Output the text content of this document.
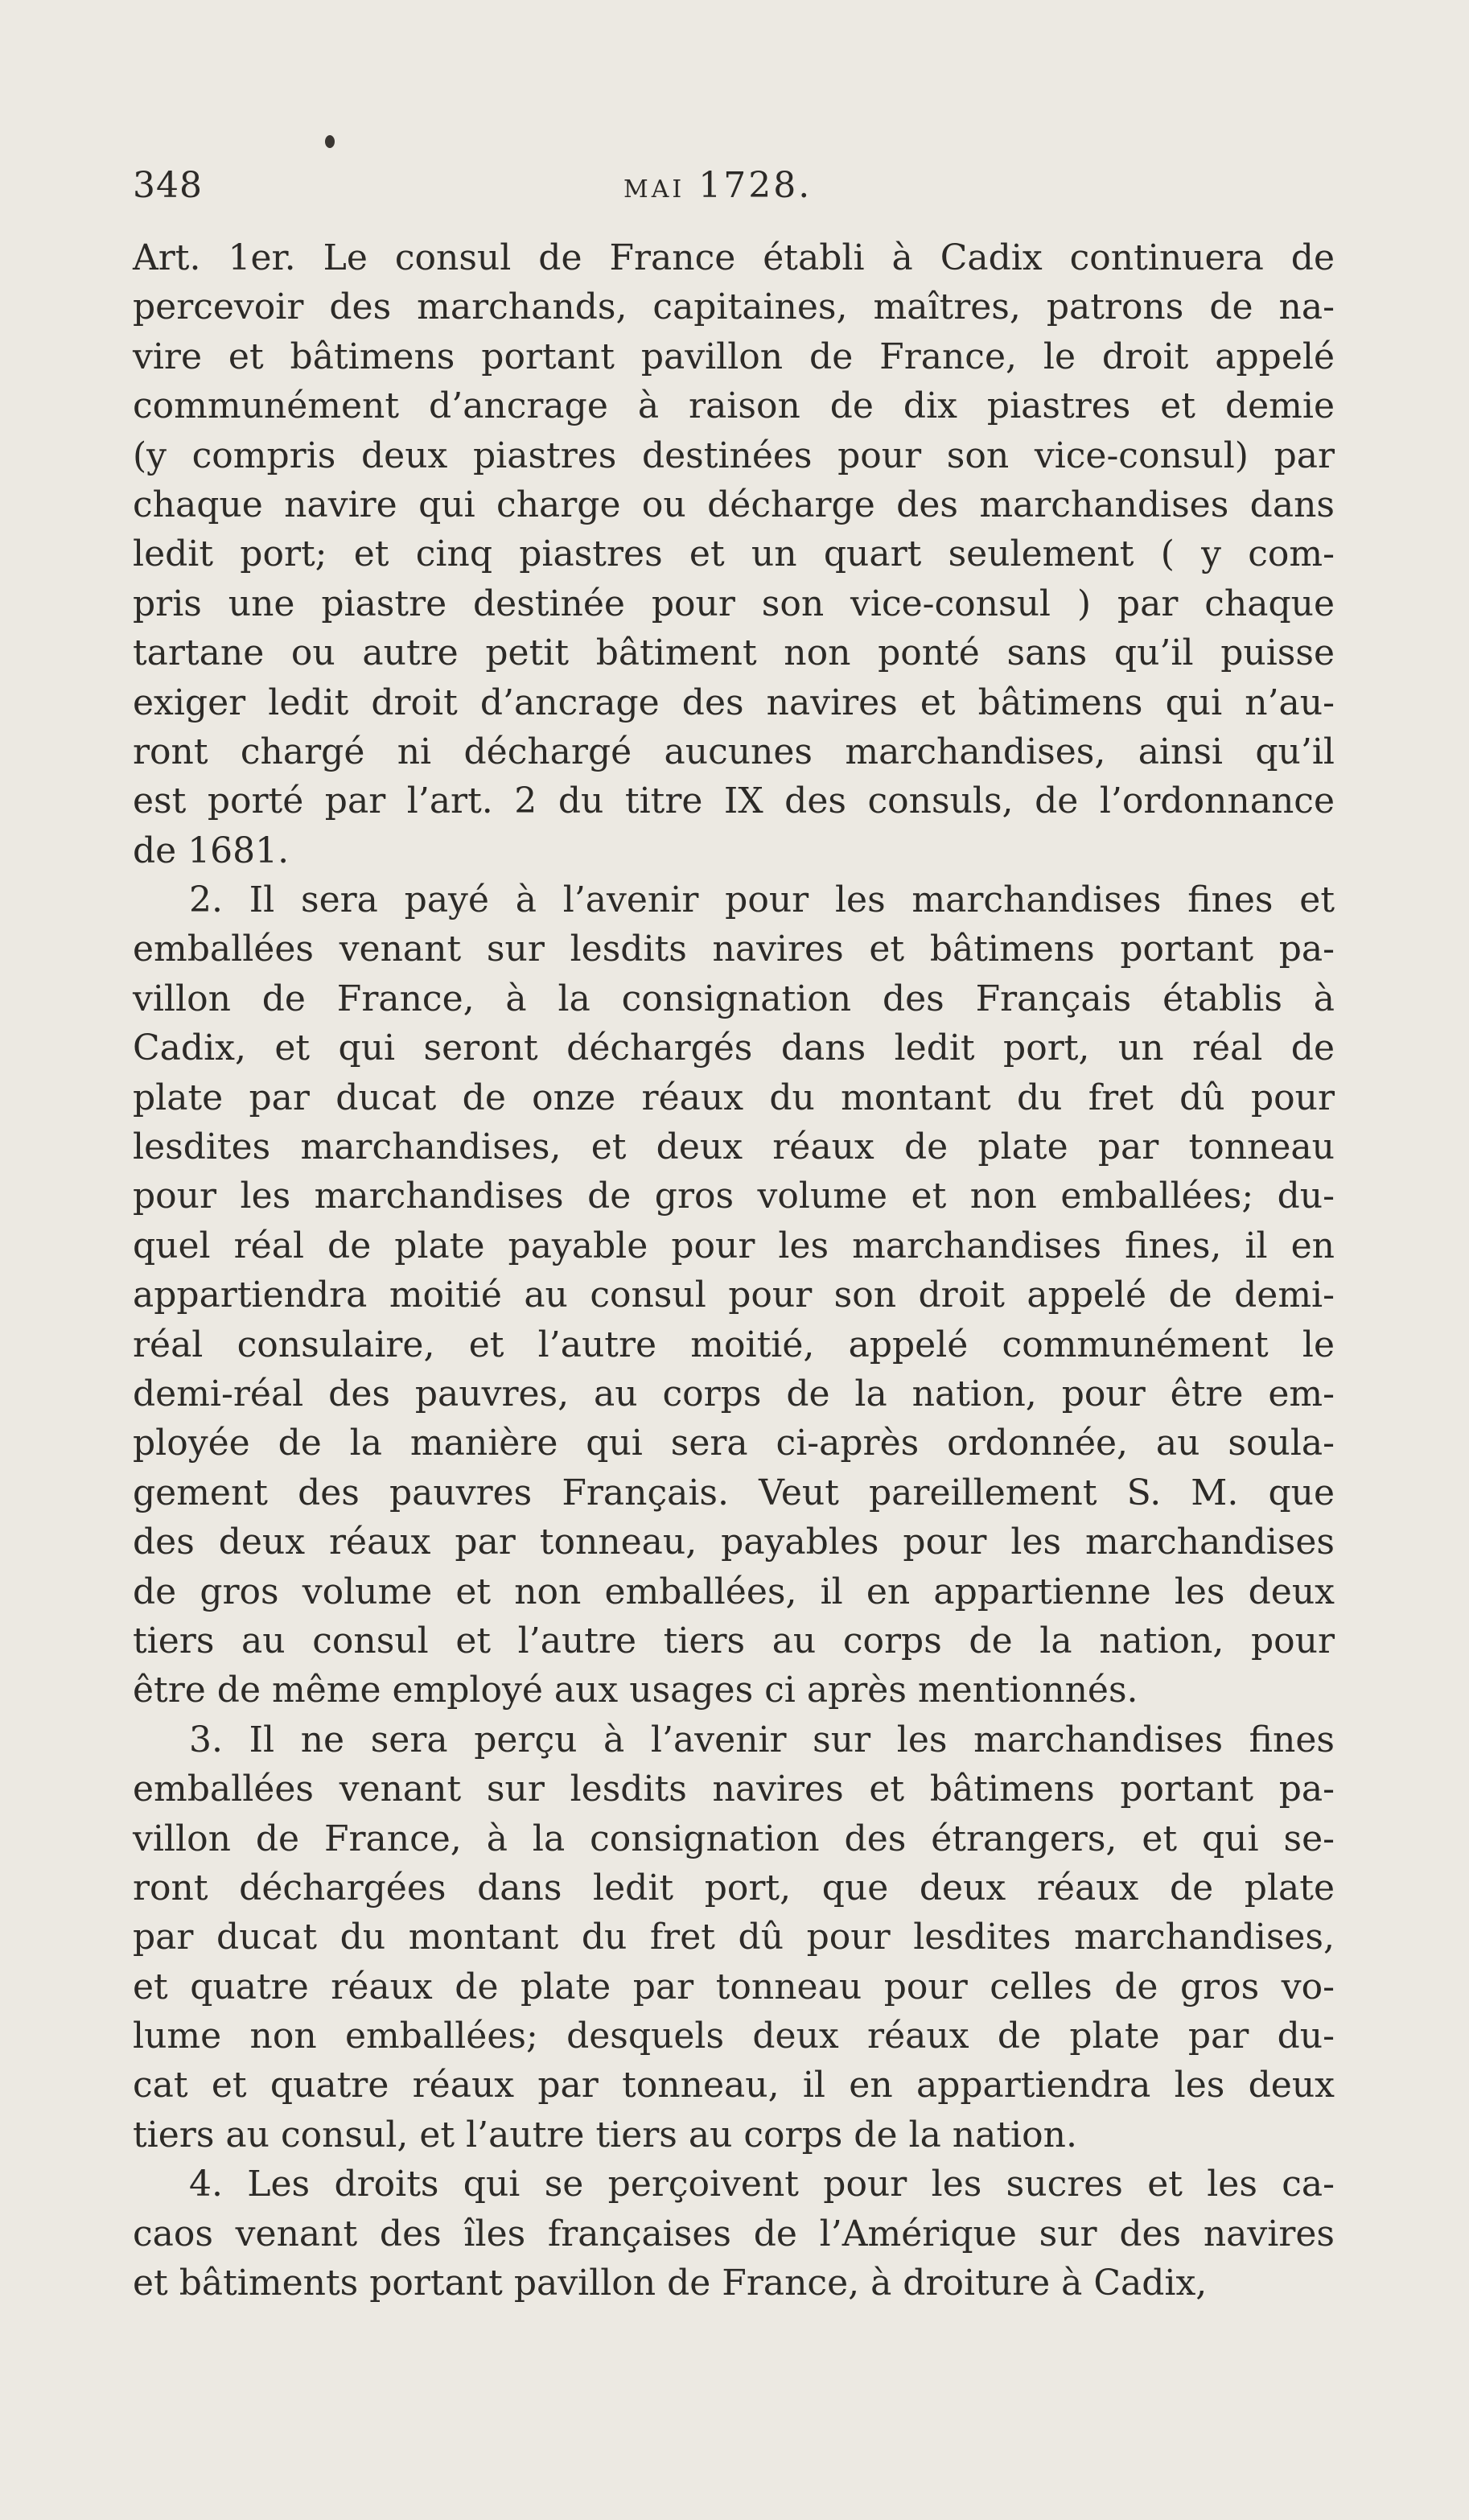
348	MAI 1728.
Art. 1er. Le consul de France établi à Cadix continuera de
percevoir des marchands, capitaines, maîtres, patrons de na-
vire et bâtimens portant pavillon de France, le droit appelé
communément d’ancrage à raison de dix piastres et demie
(y compris deux piastres destinées pour son vice-consul) par
chaque navire qui charge ou décharge des marchandises dans
ledit port; et cinq piastres et un quart seulement ( y com-
pris une piastre destinée pour son vice-consul ) par chaque
tartane ou autre petit bâtiment non ponté sans qu’il puisse
exiger ledit droit d’ancrage des navires et bâtimens qui n’au-
ront chargé ni déchargé aucunes marchandises, ainsi qu’il
est porté par l’art. 2 du titre IX des consuls, de l’ordonnance
de 1681.
2. Il sera payé à l’avenir pour les marchandises fines et
emballées venant sur lesdits navires et bâtimens portant pa-
villon de France, à la consignation des Français établis à
Cadix, et qui seront déchargés dans ledit port, un réal de
plate par ducat de onze réaux du montant du fret dû pour
lesdites marchandises, et deux réaux de plate par tonneau
pour les marchandises de gros volume et non emballées; du-
quel réal de plate payable pour les marchandises fines, il en
appartiendra moitié au consul pour son droit appelé de demi-
réal consulaire, et l’autre moitié, appelé communément le
demi-réal des pauvres, au corps de la nation, pour être em-
ployée de la manière qui sera ci-après ordonnée, au soula-
gement des pauvres Français. Veut pareillement S. M. que
des deux réaux par tonneau, payables pour les marchandises
de gros volume et non emballées, il en appartienne les deux
tiers au consul et l’autre tiers au corps de la nation, pour
être de même employé aux usages ci après mentionnés.
3. Il ne sera perçu à l’avenir sur les marchandises fines
emballées venant sur lesdits navires et bâtimens portant pa-
villon de France, à la consignation des étrangers, et qui se-
ront déchargées dans ledit port, que deux réaux de plate
par ducat du montant du fret dû pour lesdites marchandises,
et quatre réaux de plate par tonneau pour celles de gros vo-
lume non emballées; desquels deux réaux de plate par du-
cat et quatre réaux par tonneau, il en appartiendra les deux
tiers au consul, et l’autre tiers au corps de la nation.
4. Les droits qui se perçoivent pour les sucres et les ca-
caos venant des îles françaises de l’Amérique sur des navires
et bâtiments portant pavillon de France, à droiture à Cadix,
